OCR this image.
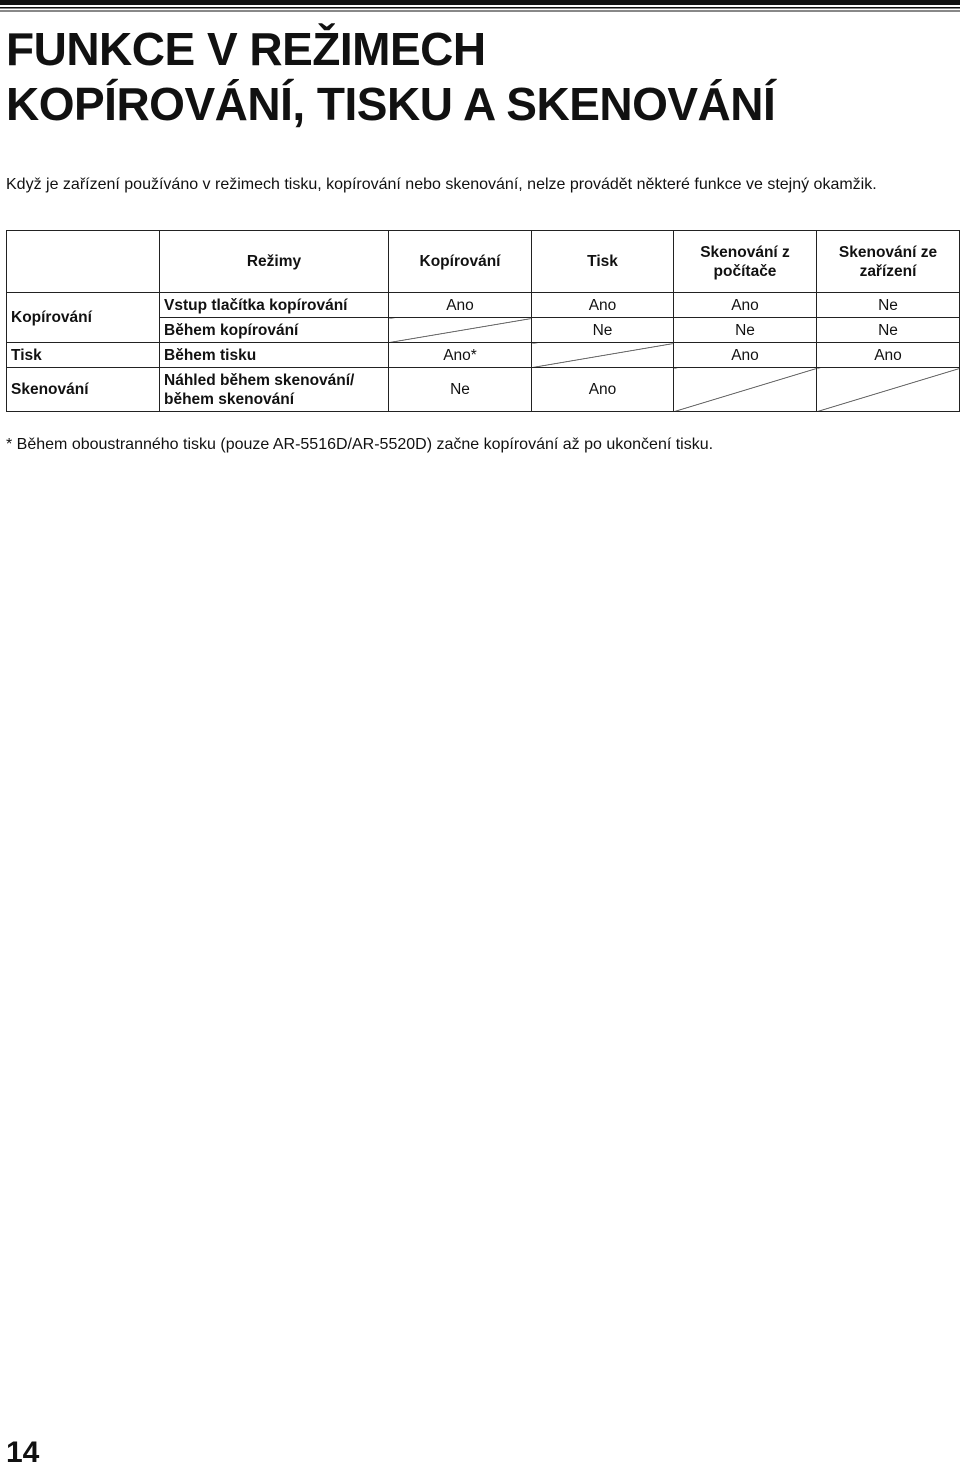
FUNKCE V REŽIMECH
KOPÍROVÁNÍ, TISKU A SKENOVÁNÍ

Když je zařízení používáno v režimech tisku, kopírování nebo skenování, nelze provádět některé funkce ve stejný okamžik.

	Režimy	Kopírování	Tisk	Skenování z počítače	Skenování ze zařízení
Kopírování	Vstup tlačítka kopírování	Ano	Ano	Ano	Ne
	Během kopírování		Ne	Ne	Ne
Tisk	Během tisku	Ano*		Ano	Ano
Skenování	Náhled během skenování/ během skenování	Ne	Ano		

* Během oboustranného tisku (pouze AR-5516D/AR-5520D) začne kopírování až po ukončení tisku.

14
